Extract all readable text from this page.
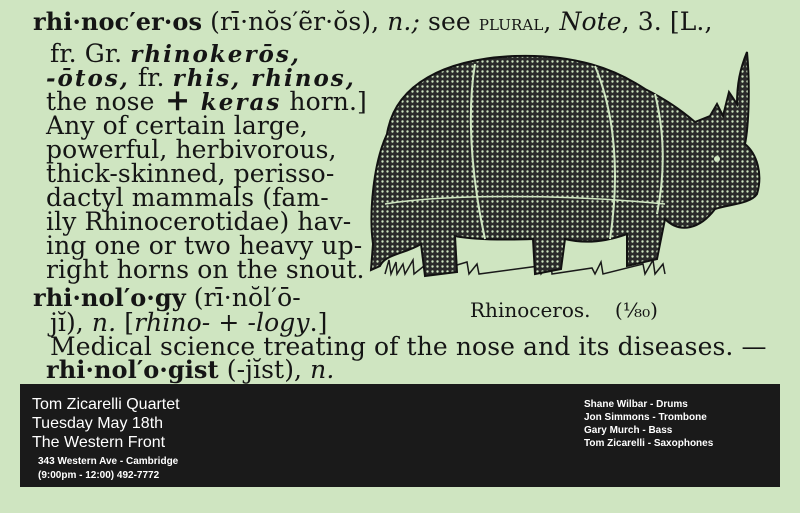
rhi·noc′er·os (rī·nŏs′ẽr·ŏs), n.; see plural, Note, 3. [L.,
fr. Gr. rhinokerōs,
-ōtos, fr. rhis, rhinos,
the nose + keras horn.]
Any of certain large,
powerful, herbivorous,
thick-skinned, perisso-
dactyl mammals (fam-
ily Rhinocerotidae) hav-
ing one or two heavy up-
right horns on the snout.
rhi·nol′o·gy (rī·nŏl′ō-
jĭ), n. [rhino- + -logy.]
Medical science treating of the nose and its diseases. —
rhi·nol′o·gist (-jĭst), n.
Rhinoceros. (¹⁄₈₀)
Tom Zicarelli Quartet
Tuesday May 18th
The Western Front
343 Western Ave - Cambridge
(9:00pm - 12:00) 492-7772
Shane Wilbar - Drums
Jon Simmons - Trombone
Gary Murch - Bass
Tom Zicarelli - Saxophones
